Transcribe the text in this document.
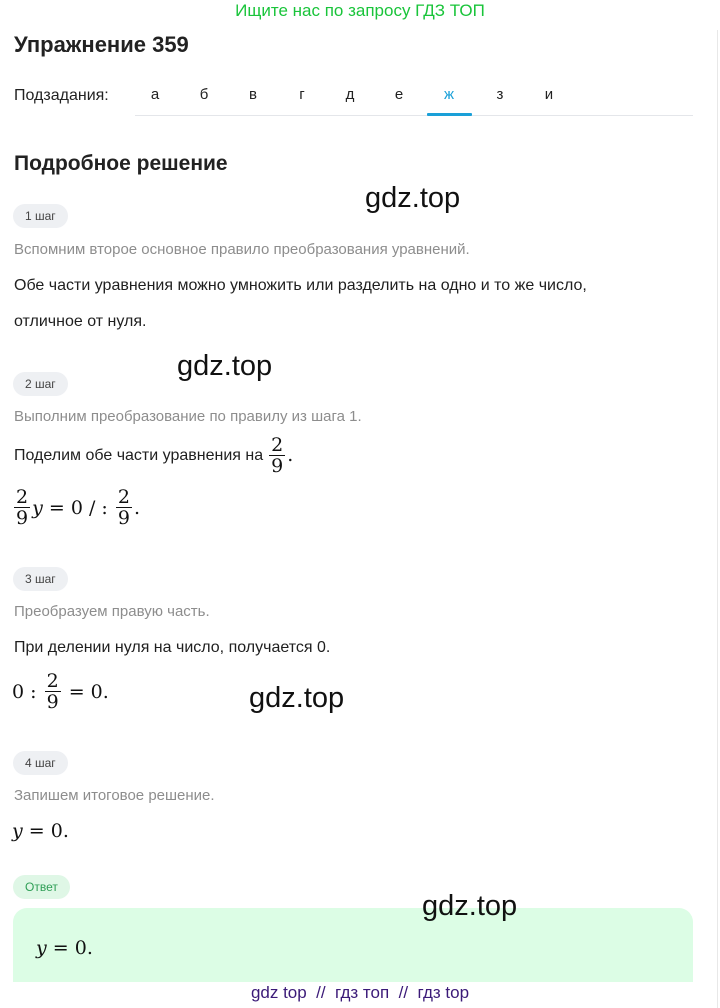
Ищите нас по запросу ГДЗ ТОП
Упражнение 359
Подзадания:	а	б	в	г	д	е	ж	з	и
Подробное решение
1 шаг
Вспомним второе основное правило преобразования уравнений.
Обе части уравнения можно умножить или разделить на одно и то же число,
отличное от нуля.
2 шаг
Выполним преобразование по правилу из шага 1.
Поделим обе части уравнения на $\frac{2}{9}$ .
$\frac{2}{9}$ y = 0 / : $\frac{2}{9}$ .
3 шаг
Преобразуем правую часть.
При делении нуля на число, получается 0.
0 : $\frac{2}{9} = 0$.
4 шаг
Запишем итоговое решение.
y = 0.
Ответ
y = 0.
gdz.top
gdz.top
gdz.top
gdz.top
gdz top  //  гдз топ  //  гдз top
